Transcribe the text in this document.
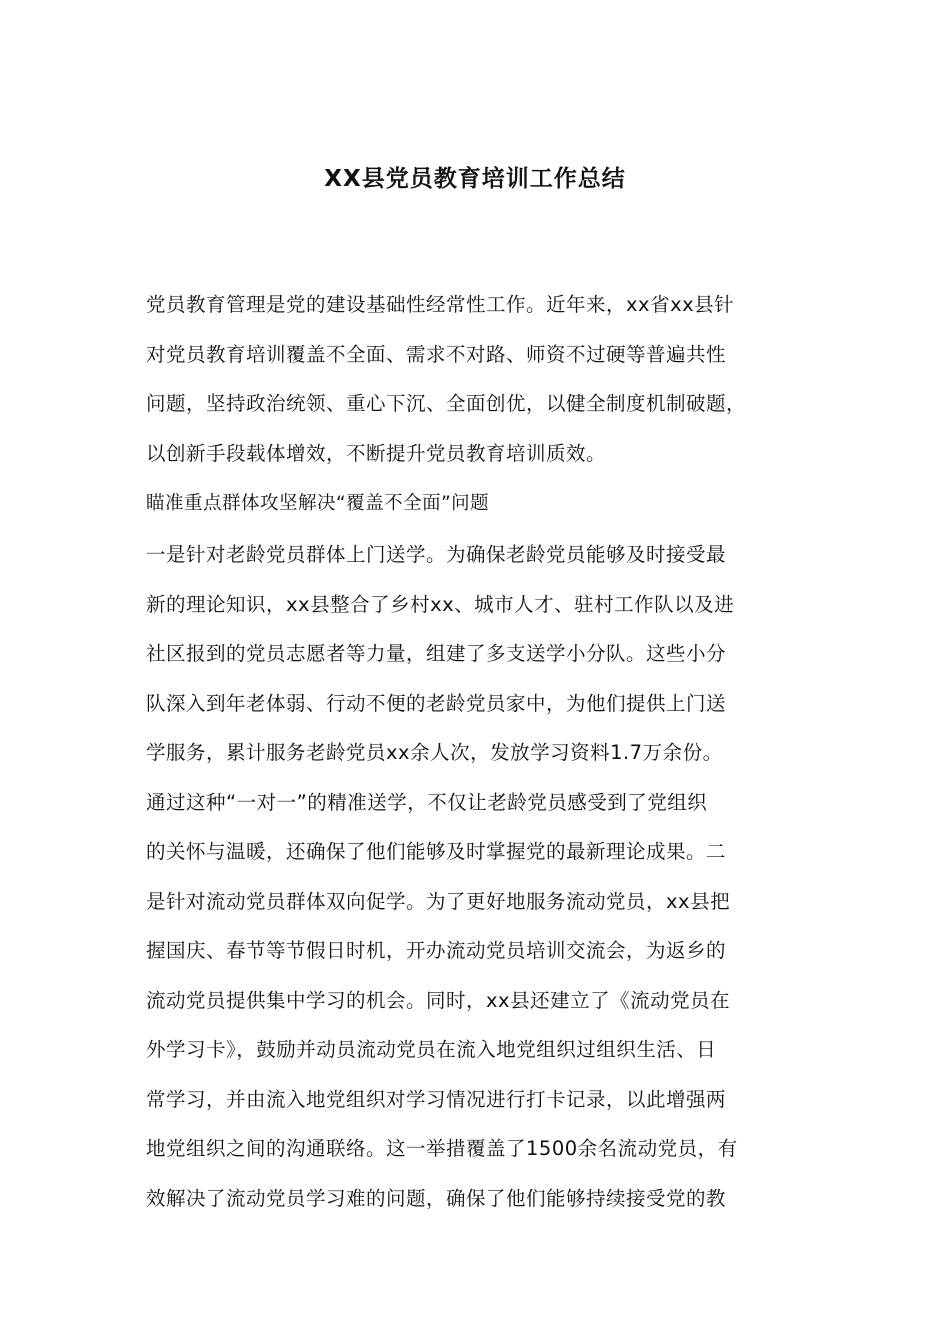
XX县党员教育培训工作总结
党员教育管理是党的建设基础性经常性工作。近年来，xx省xx县针
对党员教育培训覆盖不全面、需求不对路、师资不过硬等普遍共性
问题，坚持政治统领、重心下沉、全面创优，以健全制度机制破题，
以创新手段载体增效，不断提升党员教育培训质效。
瞄准重点群体攻坚解决“覆盖不全面”问题
一是针对老龄党员群体上门送学。为确保老龄党员能够及时接受最
新的理论知识，xx县整合了乡村xx、城市人才、驻村工作队以及进
社区报到的党员志愿者等力量，组建了多支送学小分队。这些小分
队深入到年老体弱、行动不便的老龄党员家中，为他们提供上门送
学服务，累计服务老龄党员xx余人次，发放学习资料1.7万余份。
通过这种“一对一”的精准送学，不仅让老龄党员感受到了党组织
的关怀与温暖，还确保了他们能够及时掌握党的最新理论成果。二
是针对流动党员群体双向促学。为了更好地服务流动党员，xx县把
握国庆、春节等节假日时机，开办流动党员培训交流会，为返乡的
流动党员提供集中学习的机会。同时，xx县还建立了《流动党员在
外学习卡》，鼓励并动员流动党员在流入地党组织过组织生活、日
常学习，并由流入地党组织对学习情况进行打卡记录，以此增强两
地党组织之间的沟通联络。这一举措覆盖了1500余名流动党员，有
效解决了流动党员学习难的问题，确保了他们能够持续接受党的教
